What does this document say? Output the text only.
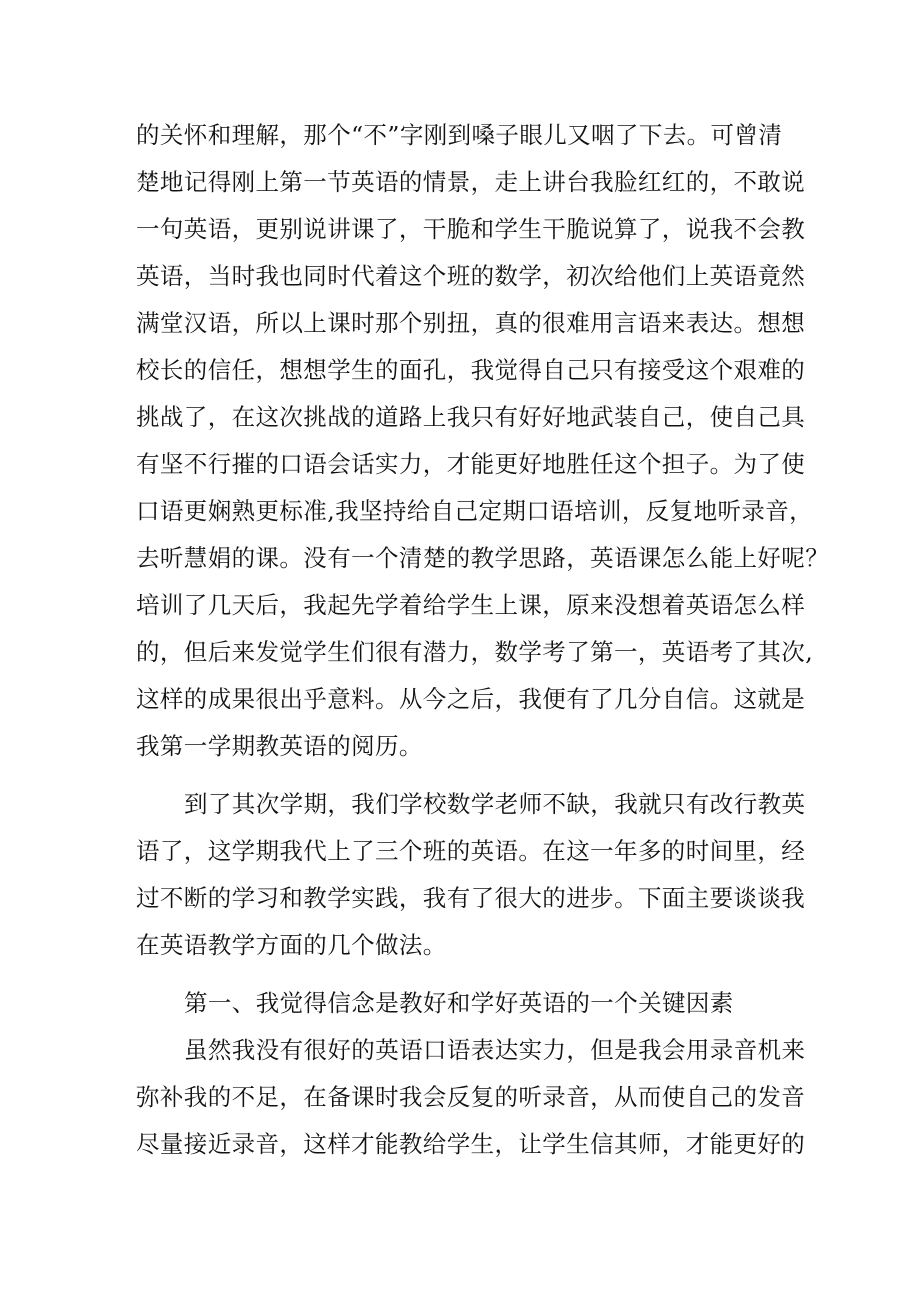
的关怀和理解，那个“不”字刚到嗓子眼儿又咽了下去。可曾清
楚地记得刚上第一节英语的情景，走上讲台我脸红红的，不敢说
一句英语，更别说讲课了，干脆和学生干脆说算了，说我不会教
英语，当时我也同时代着这个班的数学，初次给他们上英语竟然
满堂汉语，所以上课时那个别扭，真的很难用言语来表达。想想
校长的信任，想想学生的面孔，我觉得自己只有接受这个艰难的
挑战了，在这次挑战的道路上我只有好好地武装自己，使自己具
有坚不行摧的口语会话实力，才能更好地胜任这个担子。为了使
口语更娴熟更标准,我坚持给自己定期口语培训，反复地听录音，
去听慧娟的课。没有一个清楚的教学思路，英语课怎么能上好呢？
培训了几天后，我起先学着给学生上课，原来没想着英语怎么样
的，但后来发觉学生们很有潜力，数学考了第一，英语考了其次,
这样的成果很出乎意料。从今之后，我便有了几分自信。这就是
我第一学期教英语的阅历。
到了其次学期，我们学校数学老师不缺，我就只有改行教英
语了，这学期我代上了三个班的英语。在这一年多的时间里，经
过不断的学习和教学实践，我有了很大的进步。下面主要谈谈我
在英语教学方面的几个做法。
第一、我觉得信念是教好和学好英语的一个关键因素
虽然我没有很好的英语口语表达实力，但是我会用录音机来
弥补我的不足，在备课时我会反复的听录音，从而使自己的发音
尽量接近录音，这样才能教给学生，让学生信其师，才能更好的
